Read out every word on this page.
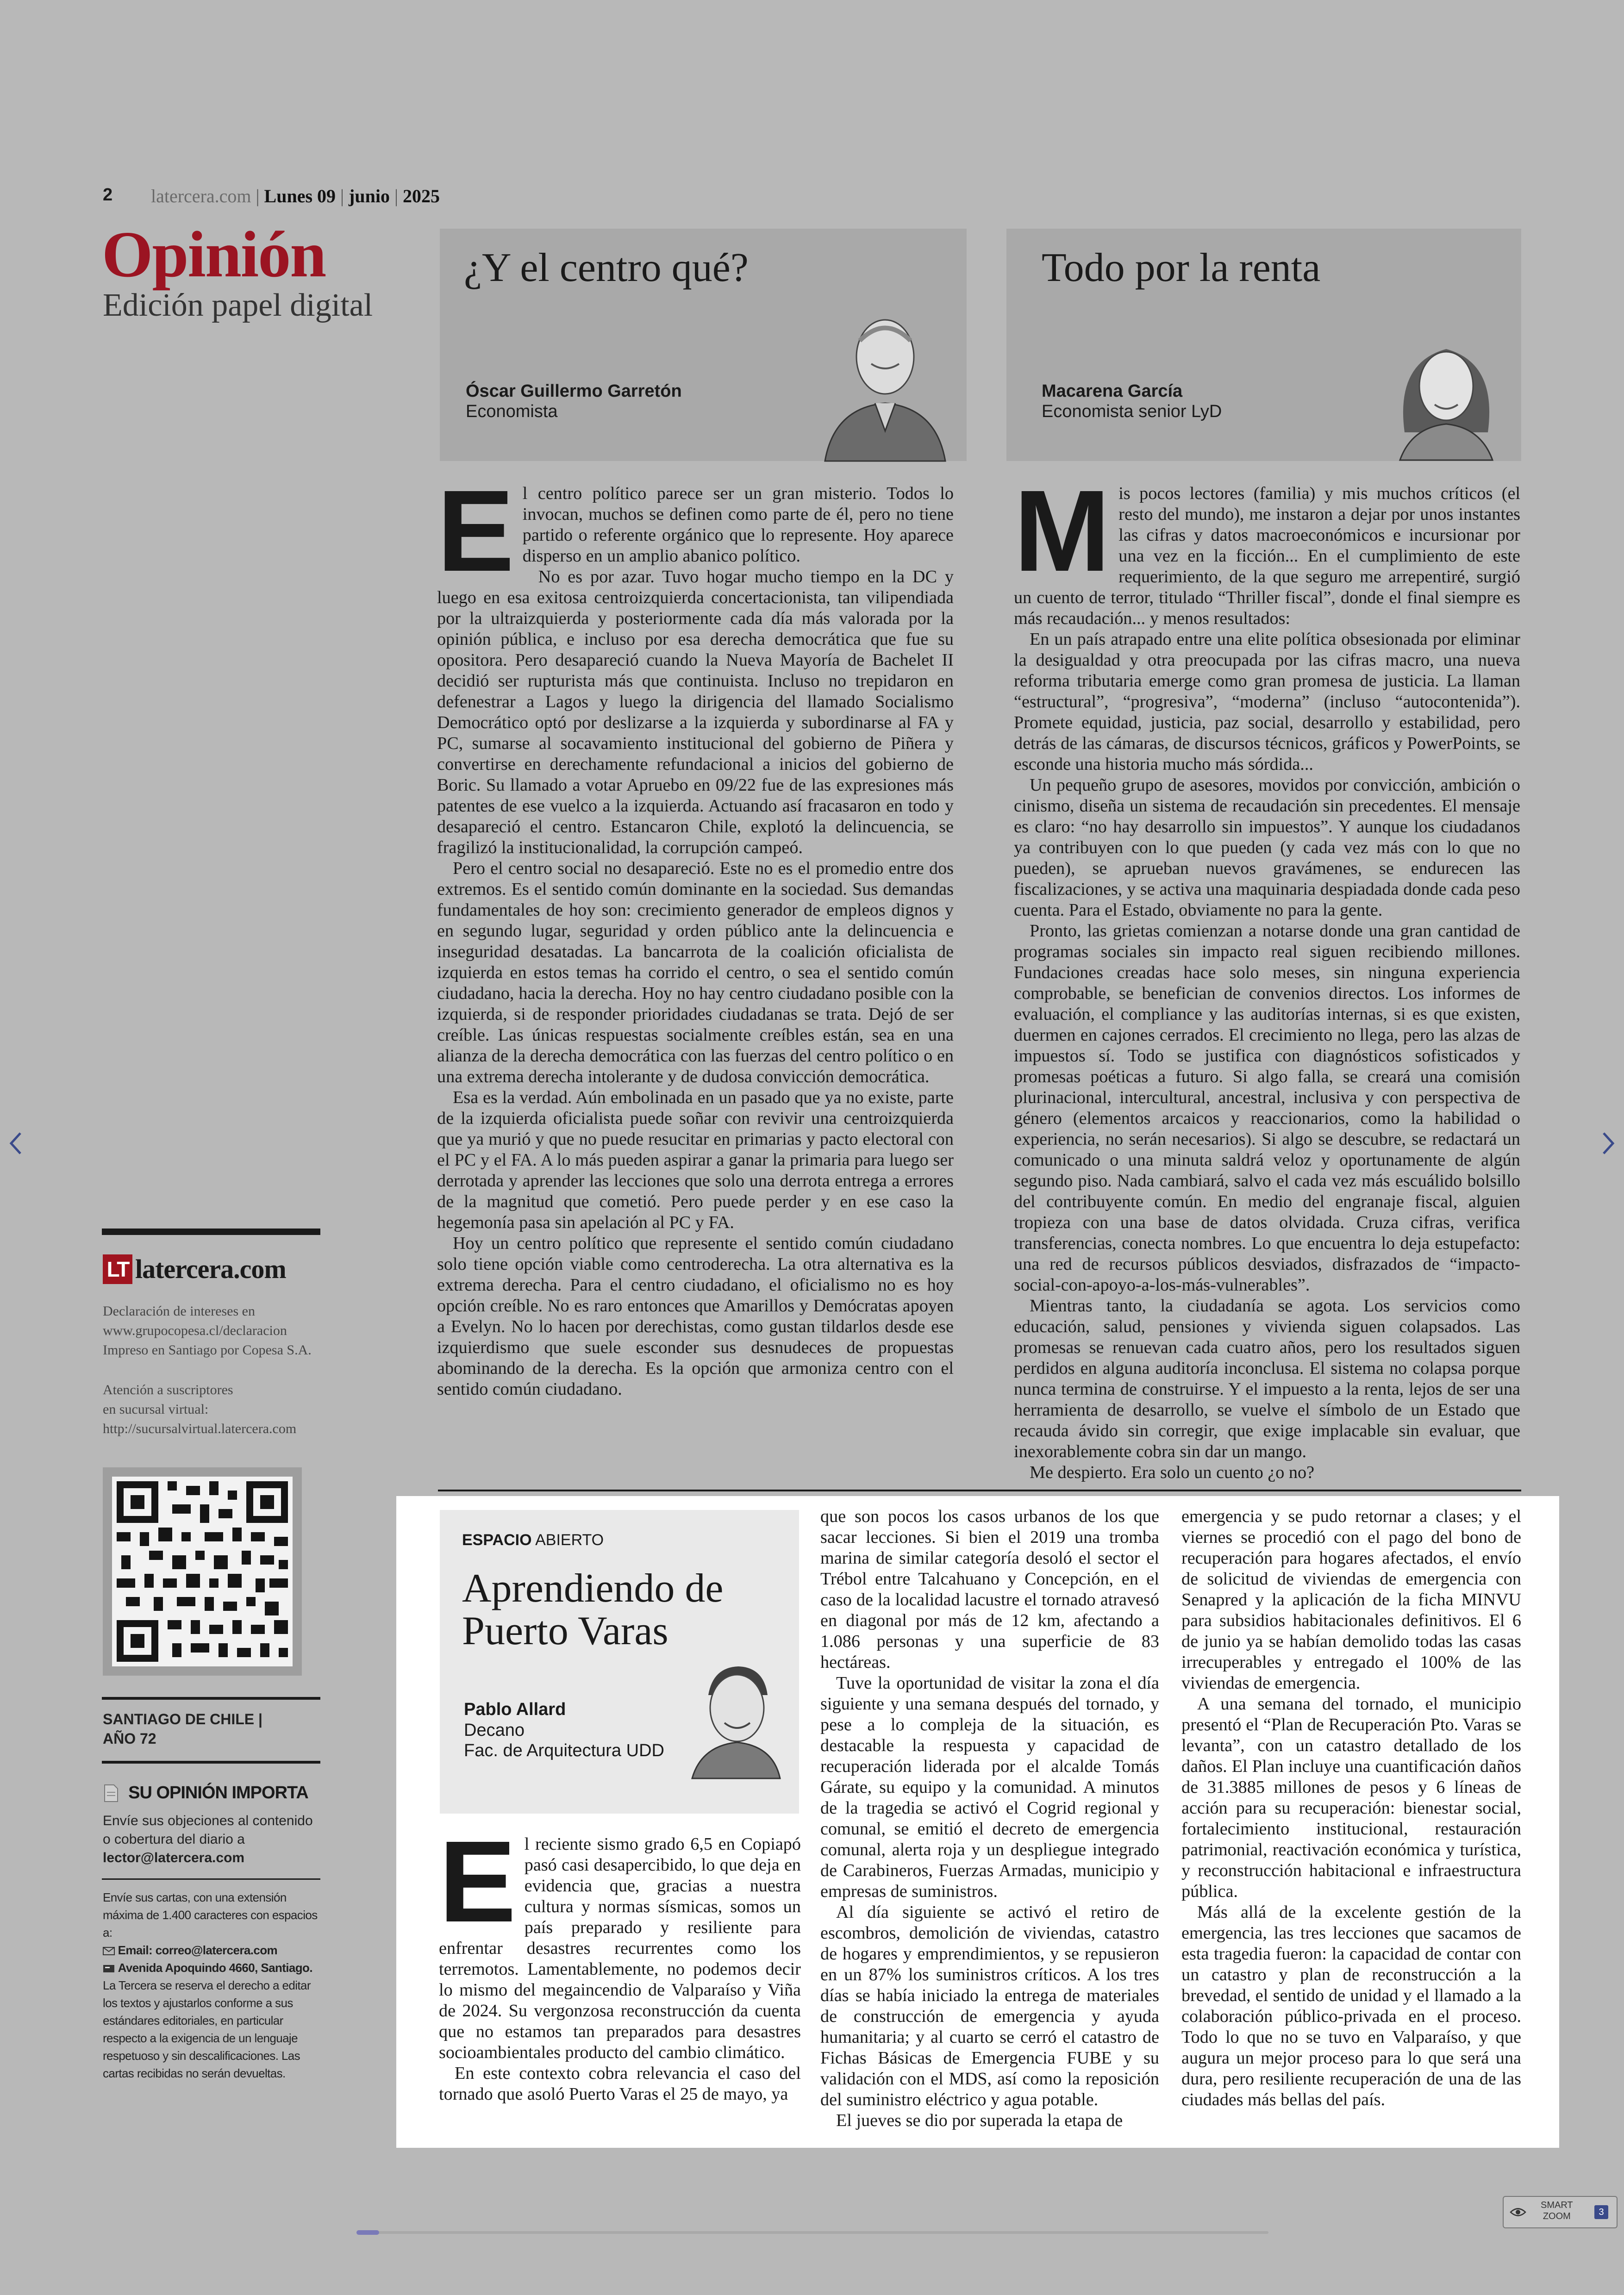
2 latercera.com | Lunes 09 | junio | 2025
Opinión
Edición papel digital
¿Y el centro qué?
Óscar Guillermo Garretón
Economista
Todo por la renta
Macarena García
Economista senior LyD
E l centro político parece ser un gran misterio. Todos lo invocan, muchos se definen como parte de él, pero no tiene partido o referente orgánico que lo represente. Hoy aparece disperso en un amplio abanico político.

No es por azar. Tuvo hogar mucho tiempo en la DC y luego en esa exitosa centroizquierda concertacionista, tan vilipendiada por la ultraizquierda y posteriormente cada día más valorada por la opinión pública, e incluso por esa derecha democrática que fue su opositora. Pero desapareció cuando la Nueva Mayoría de Bachelet II decidió ser rupturista más que continuista. Incluso no trepidaron en defenestrar a Lagos y luego la dirigencia del llamado Socialismo Democrático optó por deslizarse a la izquierda y subordinarse al FA y PC, sumarse al socavamiento institucional del gobierno de Piñera y convertirse en derechamente refundacional a inicios del gobierno de Boric. Su llamado a votar Apruebo en 09/22 fue de las expresiones más patentes de ese vuelco a la izquierda. Actuando así fracasaron en todo y desapareció el centro. Estancaron Chile, explotó la delincuencia, se fragilizó la institucionalidad, la corrupción campeó.

Pero el centro social no desapareció. Este no es el promedio entre dos extremos. Es el sentido común dominante en la sociedad. Sus demandas fundamentales de hoy son: crecimiento generador de empleos dignos y en segundo lugar, seguridad y orden público ante la delincuencia e inseguridad desatadas. La bancarrota de la coalición oficialista de izquierda en estos temas ha corrido el centro, o sea el sentido común ciudadano, hacia la derecha. Hoy no hay centro ciudadano posible con la izquierda, si de responder prioridades ciudadanas se trata. Dejó de ser creíble. Las únicas respuestas socialmente creíbles están, sea en una alianza de la derecha democrática con las fuerzas del centro político o en una extrema derecha intolerante y de dudosa convicción democrática.

Esa es la verdad. Aún embolinada en un pasado que ya no existe, parte de la izquierda oficialista puede soñar con revivir una centroizquierda que ya murió y que no puede resucitar en primarias y pacto electoral con el PC y el FA. A lo más pueden aspirar a ganar la primaria para luego ser derrotada y aprender las lecciones que solo una derrota entrega a errores de la magnitud que cometió. Pero puede perder y en ese caso la hegemonía pasa sin apelación al PC y FA.

Hoy un centro político que represente el sentido común ciudadano solo tiene opción viable como centroderecha. La otra alternativa es la extrema derecha. Para el centro ciudadano, el oficialismo no es hoy opción creíble. No es raro entonces que Amarillos y Demócratas apoyen a Evelyn. No lo hacen por derechistas, como gustan tildarlos desde ese izquierdismo que suele esconder sus desnudeces de propuestas abominando de la derecha. Es la opción que armoniza centro con el sentido común ciudadano.

M is pocos lectores (familia) y mis muchos críticos (el resto del mundo), me instaron a dejar por unos instantes las cifras y datos macroeconómicos e incursionar por una vez en la ficción... En el cumplimiento de este requerimiento, de la que seguro me arrepentiré, surgió un cuento de terror, titulado “Thriller fiscal”, donde el final siempre es más recaudación... y menos resultados:

En un país atrapado entre una elite política obsesionada por eliminar la desigualdad y otra preocupada por las cifras macro, una nueva reforma tributaria emerge como gran promesa de justicia. La llaman “estructural”, “progresiva”, “moderna” (incluso “autocontenida”). Promete equidad, justicia, paz social, desarrollo y estabilidad, pero detrás de las cámaras, de discursos técnicos, gráficos y PowerPoints, se esconde una historia mucho más sórdida...

Un pequeño grupo de asesores, movidos por convicción, ambición o cinismo, diseña un sistema de recaudación sin precedentes. El mensaje es claro: “no hay desarrollo sin impuestos”. Y aunque los ciudadanos ya contribuyen con lo que pueden (y cada vez más con lo que no pueden), se aprueban nuevos gravámenes, se endurecen las fiscalizaciones, y se activa una maquinaria despiadada donde cada peso cuenta. Para el Estado, obviamente no para la gente.

Pronto, las grietas comienzan a notarse donde una gran cantidad de programas sociales sin impacto real siguen recibiendo millones. Fundaciones creadas hace solo meses, sin ninguna experiencia comprobable, se benefician de convenios directos. Los informes de evaluación, el compliance y las auditorías internas, si es que existen, duermen en cajones cerrados. El crecimiento no llega, pero las alzas de impuestos sí. Todo se justifica con diagnósticos sofisticados y promesas poéticas a futuro. Si algo falla, se creará una comisión plurinacional, intercultural, ancestral, inclusiva y con perspectiva de género (elementos arcaicos y reaccionarios, como la habilidad o experiencia, no serán necesarios). Si algo se descubre, se redactará un comunicado o una minuta saldrá veloz y oportunamente de algún segundo piso. Nada cambiará, salvo el cada vez más escuálido bolsillo del contribuyente común. En medio del engranaje fiscal, alguien tropieza con una base de datos olvidada. Cruza cifras, verifica transferencias, conecta nombres. Lo que encuentra lo deja estupefacto: una red de recursos públicos desviados, disfrazados de “impacto-social-con-apoyo-a-los-más-vulnerables”.

Mientras tanto, la ciudadanía se agota. Los servicios como educación, salud, pensiones y vivienda siguen colapsados. Las promesas se renuevan cada cuatro años, pero los resultados siguen perdidos en alguna auditoría inconclusa. El sistema no colapsa porque nunca termina de construirse. Y el impuesto a la renta, lejos de ser una herramienta de desarrollo, se vuelve el símbolo de un Estado que recauda ávido sin corregir, que exige implacable sin evaluar, que inexorablemente cobra sin dar un mango.

Me despierto. Era solo un cuento ¿o no?

LT latercera.com
Declaración de intereses en
www.grupocopesa.cl/declaracion
Impreso en Santiago por Copesa S.A.
Atención a suscriptores
en sucursal virtual:
http://sucursalvirtual.latercera.com
SANTIAGO DE CHILE |
AÑO 72
SU OPINIÓN IMPORTA
Envíe sus objeciones al contenido o cobertura del diario a
lector@latercera.com
Envíe sus cartas, con una extensión máxima de 1.400 caracteres con espacios a:
Email: correo@latercera.com
Avenida Apoquindo 4660, Santiago.
La Tercera se reserva el derecho a editar los textos y ajustarlos conforme a sus estándares editoriales, en particular respecto a la exigencia de un lenguaje respetuoso y sin descalificaciones. Las cartas recibidas no serán devueltas.
ESPACIO ABIERTO
Aprendiendo de
Puerto Varas
Pablo Allard
Decano
Fac. de Arquitectura UDD
E l reciente sismo grado 6,5 en Copiapó pasó casi desapercibido, lo que deja en evidencia que, gracias a nuestra cultura y normas sísmicas, somos un país preparado y resiliente para enfrentar desastres recurrentes como los terremotos. Lamentablemente, no podemos decir lo mismo del megaincendio de Valparaíso y Viña de 2024. Su vergonzosa reconstrucción da cuenta que no estamos tan preparados para desastres socioambientales producto del cambio climático.

En este contexto cobra relevancia el caso del tornado que asoló Puerto Varas el 25 de mayo, ya

que son pocos los casos urbanos de los que sacar lecciones. Si bien el 2019 una tromba marina de similar categoría desoló el sector el Trébol entre Talcahuano y Concepción, en el caso de la localidad lacustre el tornado atravesó en diagonal por más de 12 km, afectando a 1.086 personas y una superficie de 83 hectáreas.

Tuve la oportunidad de visitar la zona el día siguiente y una semana después del tornado, y pese a lo compleja de la situación, es destacable la respuesta y capacidad de recuperación liderada por el alcalde Tomás Gárate, su equipo y la comunidad. A minutos de la tragedia se activó el Cogrid regional y comunal, se emitió el decreto de emergencia comunal, alerta roja y un despliegue integrado de Carabineros, Fuerzas Armadas, municipio y empresas de suministros.

Al día siguiente se activó el retiro de escombros, demolición de viviendas, catastro de hogares y emprendimientos, y se repusieron en un 87% los suministros críticos. A los tres días se había iniciado la entrega de materiales de construcción de emergencia y ayuda humanitaria; y al cuarto se cerró el catastro de Fichas Básicas de Emergencia FUBE y su validación con el MDS, así como la reposición del suministro eléctrico y agua potable.

El jueves se dio por superada la etapa de

emergencia y se pudo retornar a clases; y el viernes se procedió con el pago del bono de recuperación para hogares afectados, el envío de solicitud de viviendas de emergencia con Senapred y la aplicación de la ficha MINVU para subsidios habitacionales definitivos. El 6 de junio ya se habían demolido todas las casas irrecuperables y entregado el 100% de las viviendas de emergencia.

A una semana del tornado, el municipio presentó el “Plan de Recuperación Pto. Varas se levanta”, con un catastro detallado de los daños. El Plan incluye una cuantificación daños de 31.3885 millones de pesos y 6 líneas de acción para su recuperación: bienestar social, fortalecimiento institucional, restauración patrimonial, reactivación económica y turística, y reconstrucción habitacional e infraestructura pública.

Más allá de la excelente gestión de la emergencia, las tres lecciones que sacamos de esta tragedia fueron: la capacidad de contar con un catastro y plan de reconstrucción a la brevedad, el sentido de unidad y el llamado a la colaboración público-privada en el proceso. Todo lo que no se tuvo en Valparaíso, y que augura un mejor proceso para lo que será una dura, pero resiliente recuperación de una de las ciudades más bellas del país.

SMART
ZOOM	3
